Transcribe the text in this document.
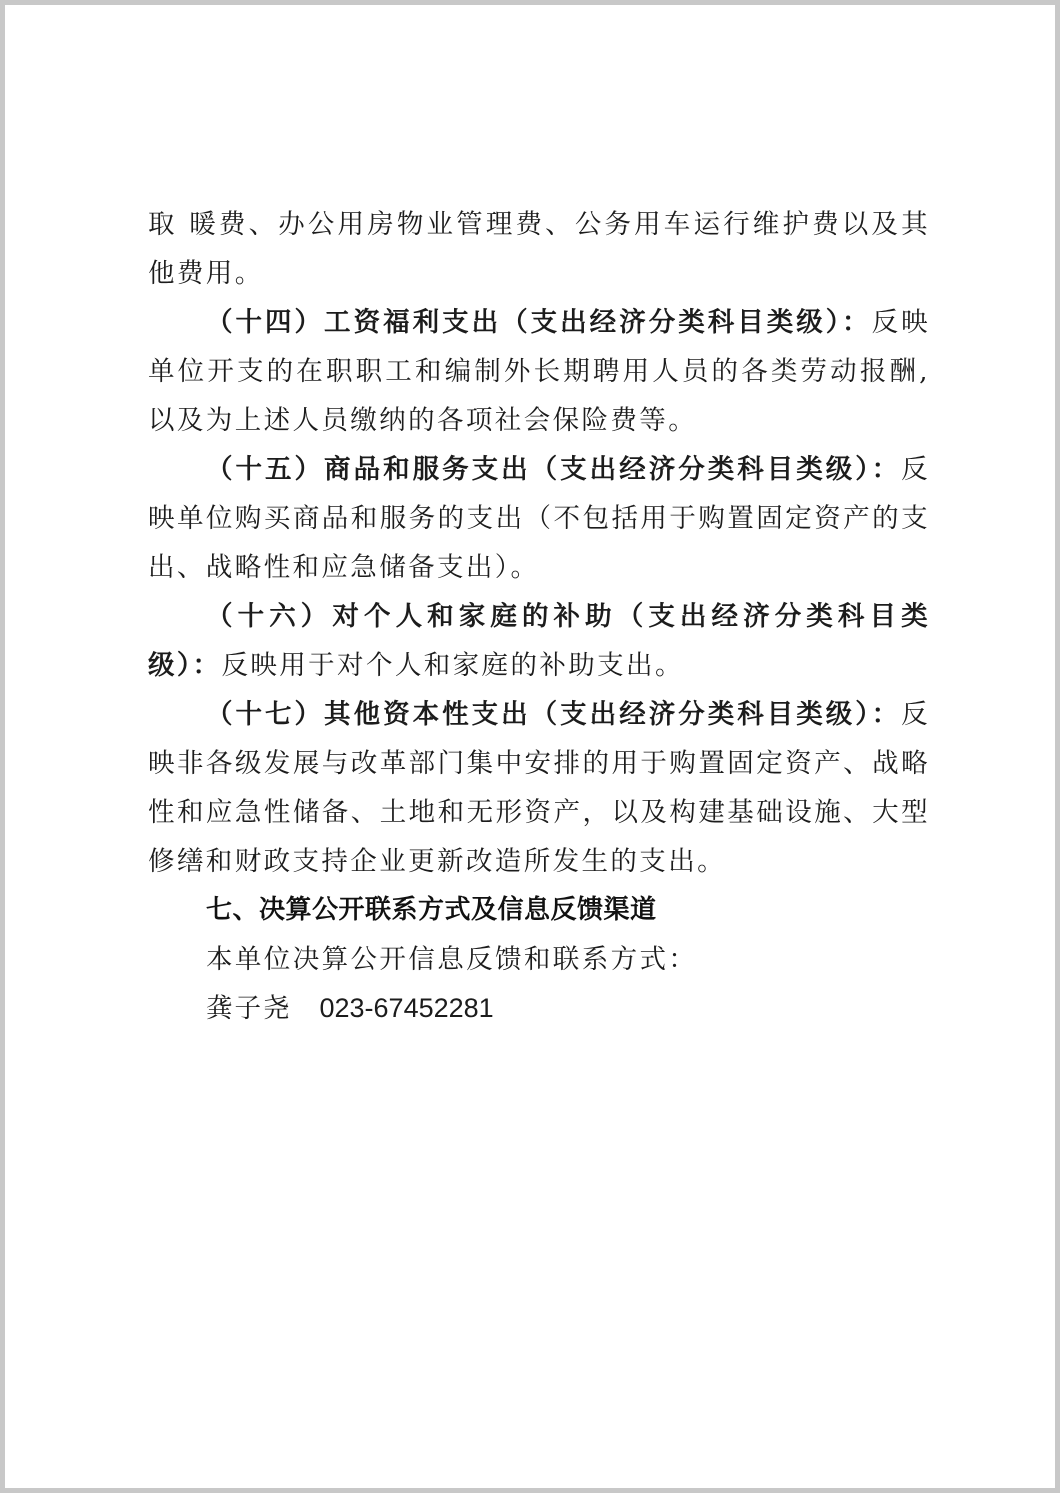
取 暖费、办公用房物业管理费、公务用车运行维护费以及其他费用。

（十四）工资福利支出（支出经济分类科目类级）：反映单位开支的在职职工和编制外长期聘用人员的各类劳动报酬,以及为上述人员缴纳的各项社会保险费等。

（十五）商品和服务支出（支出经济分类科目类级）：反映单位购买商品和服务的支出（不包括用于购置固定资产的支出、战略性和应急储备支出）。

（十六）对个人和家庭的补助（支出经济分类科目类级）：反映用于对个人和家庭的补助支出。

（十七）其他资本性支出（支出经济分类科目类级）：反映非各级发展与改革部门集中安排的用于购置固定资产、战略性和应急性储备、土地和无形资产，以及构建基础设施、大型修缮和财政支持企业更新改造所发生的支出。

七、决算公开联系方式及信息反馈渠道

本单位决算公开信息反馈和联系方式：

龚子尧 023-67452281
